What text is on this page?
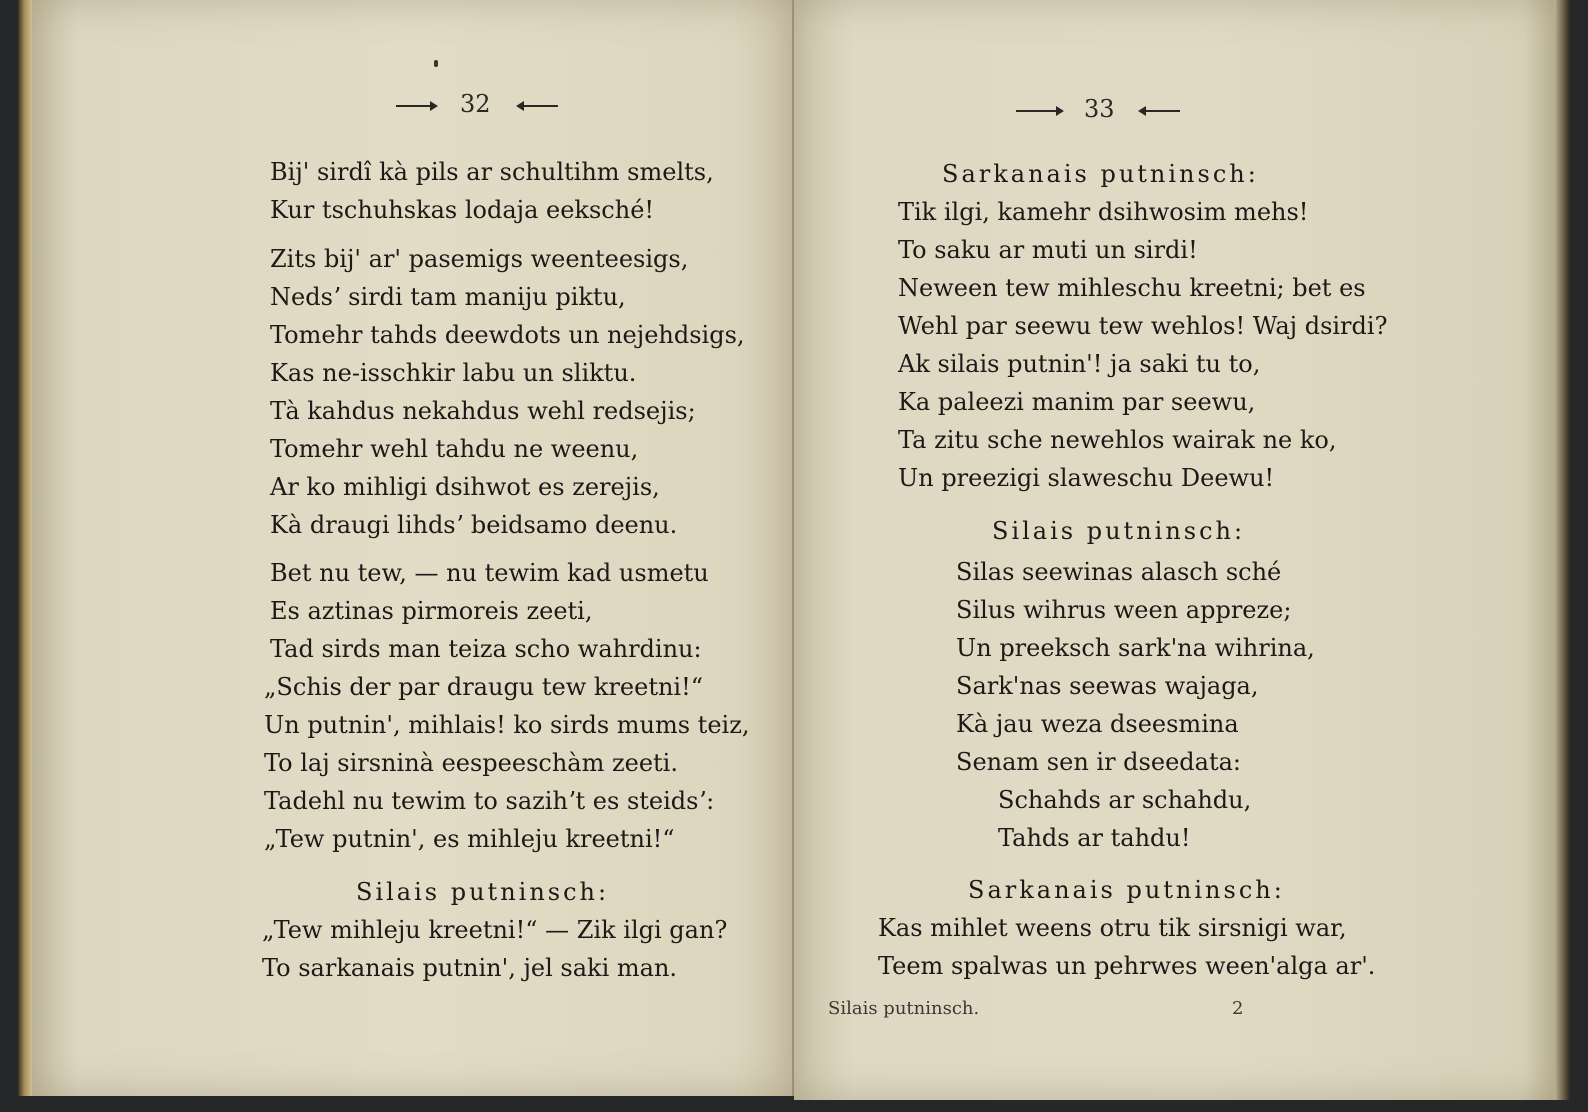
32
Bij' sirdî kà pils ar schultihm smelts,
Kur tschuhskas lodaja eeksché!
Zits bij' ar' pasemigs weenteesigs,
Nedsʼ sirdi tam maniju piktu,
Tomehr tahds deewdots un nejehdsigs,
Kas ne-isschkir labu un sliktu.
Tà kahdus nekahdus wehl redsejis;
Tomehr wehl tahdu ne weenu,
Ar ko mihligi dsihwot es zerejis,
Kà draugi lihdsʼ beidsamo deenu.
Bet nu tew, — nu tewim kad usmetu
Es aztinas pirmoreis zeeti,
Tad sirds man teiza scho wahrdinu:
„Schis der par draugu tew kreetni!“
Un putnin', mihlais! ko sirds mums teiz,
To laj sirsninà eespeeschàm zeeti.
Tadehl nu tewim to sazihʼt es steidsʼ:
„Tew putnin', es mihleju kreetni!“
Silais putninsch:
„Tew mihleju kreetni!“ — Zik ilgi gan?
To sarkanais putnin', jel saki man.
33
Sarkanais putninsch:
Tik ilgi, kamehr dsihwosim mehs!
To saku ar muti un sirdi!
Neween tew mihleschu kreetni; bet es
Wehl par seewu tew wehlos! Waj dsirdi?
Ak silais putnin'! ja saki tu to,
Ka paleezi manim par seewu,
Ta zitu sche newehlos wairak ne ko,
Un preezigi slaweschu Deewu!
Silais putninsch:
Silas seewinas alasch sché
Silus wihrus ween appreze;
Un preeksch sark'na wihrina,
Sark'nas seewas wajaga,
Kà jau weza dseesmina
Senam sen ir dseedata:
Schahds ar schahdu,
Tahds ar tahdu!
Sarkanais putninsch:
Kas mihlet weens otru tik sirsnigi war,
Teem spalwas un pehrwes ween'alga ar'.
Silais putninsch.	2
